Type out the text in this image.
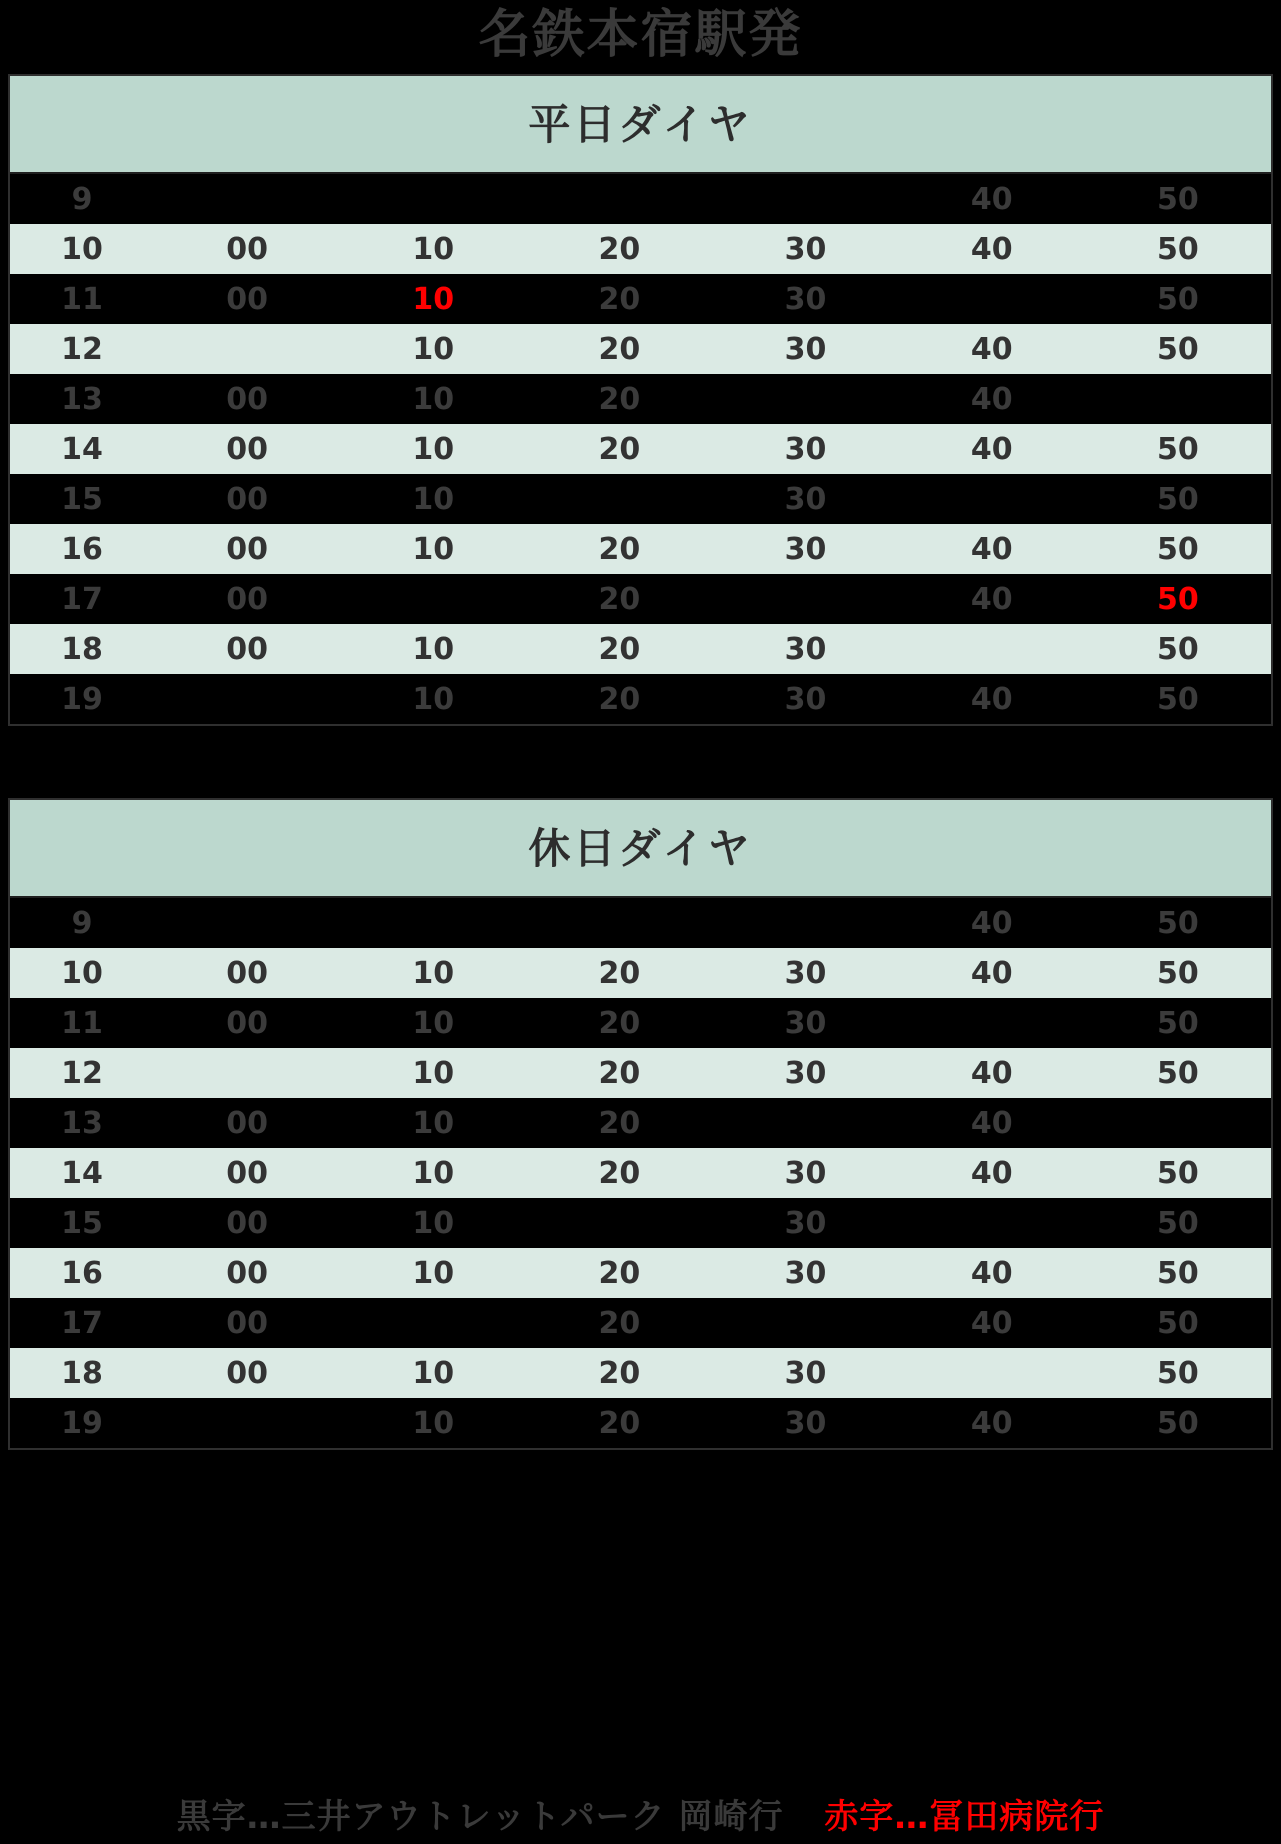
名鉄本宿駅発
平日ダイヤ
9					40	50
10	00	10	20	30	40	50
11	00	10	20	30		50
12		10	20	30	40	50
13	00	10	20		40	
14	00	10	20	30	40	50
15	00	10		30		50
16	00	10	20	30	40	50
17	00		20		40	50
18	00	10	20	30		50
19		10	20	30	40	50
休日ダイヤ
9					40	50
10	00	10	20	30	40	50
11	00	10	20	30		50
12		10	20	30	40	50
13	00	10	20		40	
14	00	10	20	30	40	50
15	00	10		30		50
16	00	10	20	30	40	50
17	00		20		40	50
18	00	10	20	30		50
19		10	20	30	40	50
黒字…三井アウトレットパーク 岡崎行 赤字…冨田病院行
